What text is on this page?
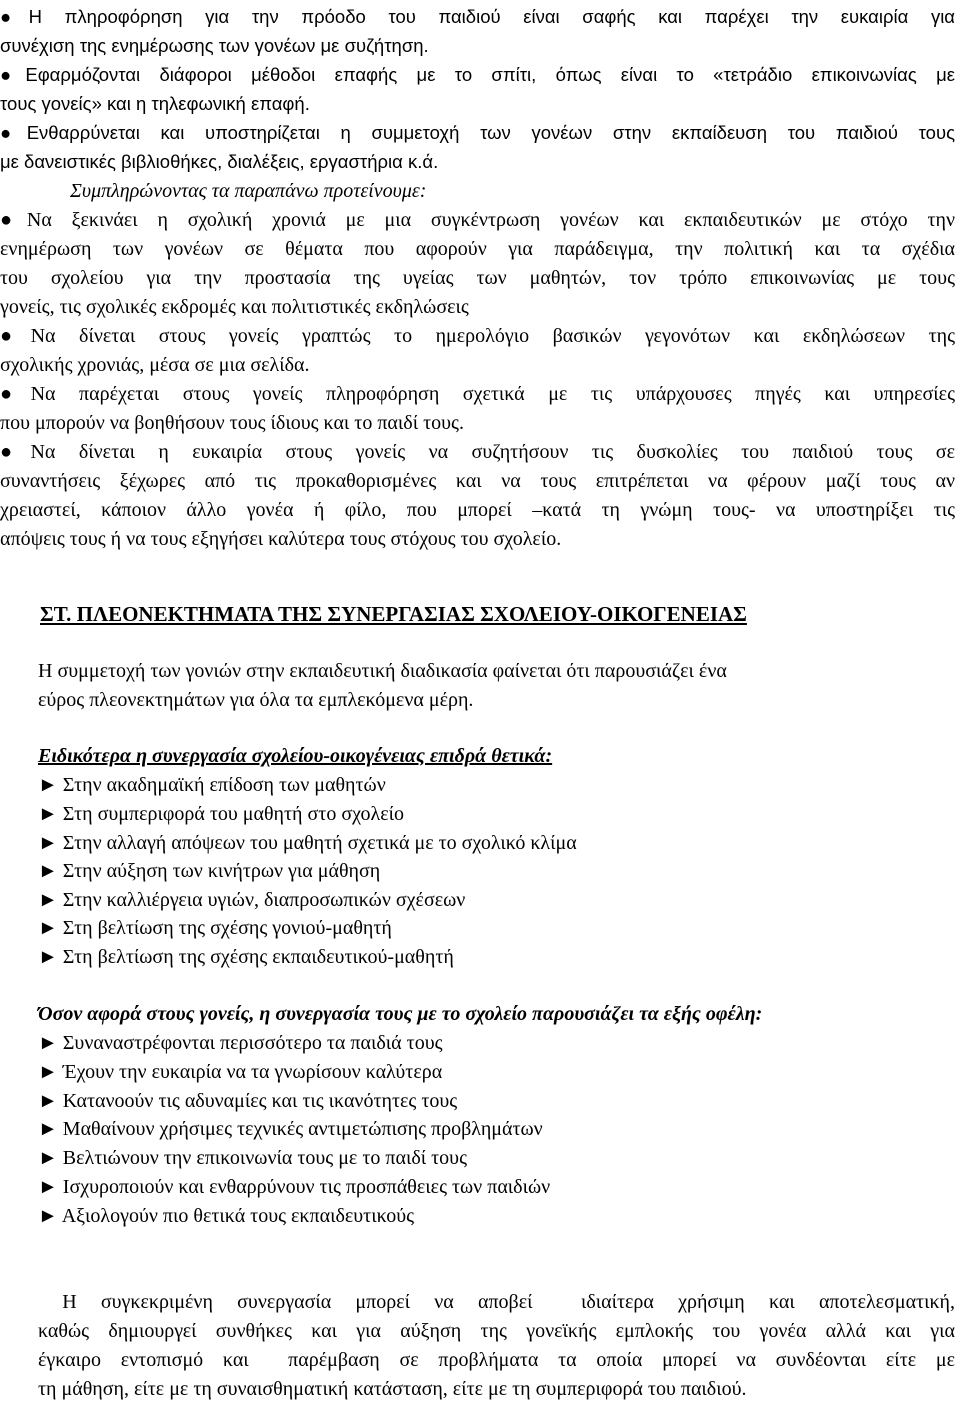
●Η πληροφόρηση για την πρόοδο του παιδιού είναι σαφής και παρέχει την ευκαιρία για
συνέχιση της ενημέρωσης των γονέων με συζήτηση.
●Εφαρμόζονται διάφοροι μέθοδοι επαφής με το σπίτι, όπως είναι το «τετράδιο επικοινωνίας με
τους γονείς» και η τηλεφωνική επαφή.
●Ενθαρρύνεται και υποστηρίζεται η συμμετοχή των γονέων στην εκπαίδευση του παιδιού τους
με δανειστικές βιβλιοθήκες, διαλέξεις, εργαστήρια κ.ά.
Συμπληρώνοντας τα παραπάνω προτείνουμε:
●Να ξεκινάει η σχολική χρονιά με μια συγκέντρωση γονέων και εκπαιδευτικών με στόχο την
ενημέρωση των γονέων σε θέματα που αφορούν για παράδειγμα, την πολιτική και τα σχέδια
του σχολείου για την προστασία της υγείας των μαθητών, τον τρόπο επικοινωνίας με τους
γονείς, τις σχολικές εκδρομές και πολιτιστικές εκδηλώσεις
●Να δίνεται στους γονείς γραπτώς το ημερολόγιο βασικών γεγονότων και εκδηλώσεων της
σχολικής χρονιάς, μέσα σε μια σελίδα.
●Να παρέχεται στους γονείς πληροφόρηση σχετικά με τις υπάρχουσες πηγές και υπηρεσίες
που μπορούν να βοηθήσουν τους ίδιους και το παιδί τους.
●Να δίνεται η ευκαιρία στους γονείς να συζητήσουν τις δυσκολίες του παιδιού τους σε
συναντήσεις ξέχωρες από τις προκαθορισμένες και να τους επιτρέπεται να φέρουν μαζί τους αν
χρειαστεί, κάποιον άλλο γονέα ή φίλο, που μπορεί –κατά τη γνώμη τους- να υποστηρίξει τις
απόψεις τους ή να τους εξηγήσει καλύτερα τους στόχους του σχολείο.
ΣΤ. ΠΛΕΟΝΕΚΤΗΜΑΤΑ ΤΗΣ ΣΥΝΕΡΓΑΣΙΑΣ ΣΧΟΛΕΙΟΥ-ΟΙΚΟΓΕΝΕΙΑΣ
Η συμμετοχή των γονιών στην εκπαιδευτική διαδικασία φαίνεται ότι παρουσιάζει ένα
εύρος πλεονεκτημάτων για όλα τα εμπλεκόμενα μέρη.
Ειδικότερα η συνεργασία σχολείου-οικογένειας επιδρά θετικά:
► Στην ακαδημαϊκή επίδοση των μαθητών
► Στη συμπεριφορά του μαθητή στο σχολείο
► Στην αλλαγή απόψεων του μαθητή σχετικά με το σχολικό κλίμα
► Στην αύξηση των κινήτρων για μάθηση
► Στην καλλιέργεια υγιών, διαπροσωπικών σχέσεων
► Στη βελτίωση της σχέσης γονιού-μαθητή
► Στη βελτίωση της σχέσης εκπαιδευτικού-μαθητή
Όσον αφορά στους γονείς, η συνεργασία τους με το σχολείο παρουσιάζει τα εξής οφέλη:
► Συναναστρέφονται περισσότερο τα παιδιά τους
► Έχουν την ευκαιρία να τα γνωρίσουν καλύτερα
► Κατανοούν τις αδυναμίες και τις ικανότητες τους
► Μαθαίνουν χρήσιμες τεχνικές αντιμετώπισης προβλημάτων
► Βελτιώνουν την επικοινωνία τους με το παιδί τους
► Ισχυροποιούν και ενθαρρύνουν τις προσπάθειες των παιδιών
► Αξιολογούν πιο θετικά τους εκπαιδευτικούς
Η συγκεκριμένη συνεργασία μπορεί να αποβεί  ιδιαίτερα χρήσιμη και αποτελεσματική,
καθώς δημιουργεί συνθήκες και για αύξηση της γονεϊκής εμπλοκής του γονέα αλλά και για
έγκαιρο εντοπισμό και  παρέμβαση σε προβλήματα τα οποία μπορεί να συνδέονται είτε με
τη μάθηση, είτε με τη συναισθηματική κατάσταση, είτε με τη συμπεριφορά του παιδιού.
